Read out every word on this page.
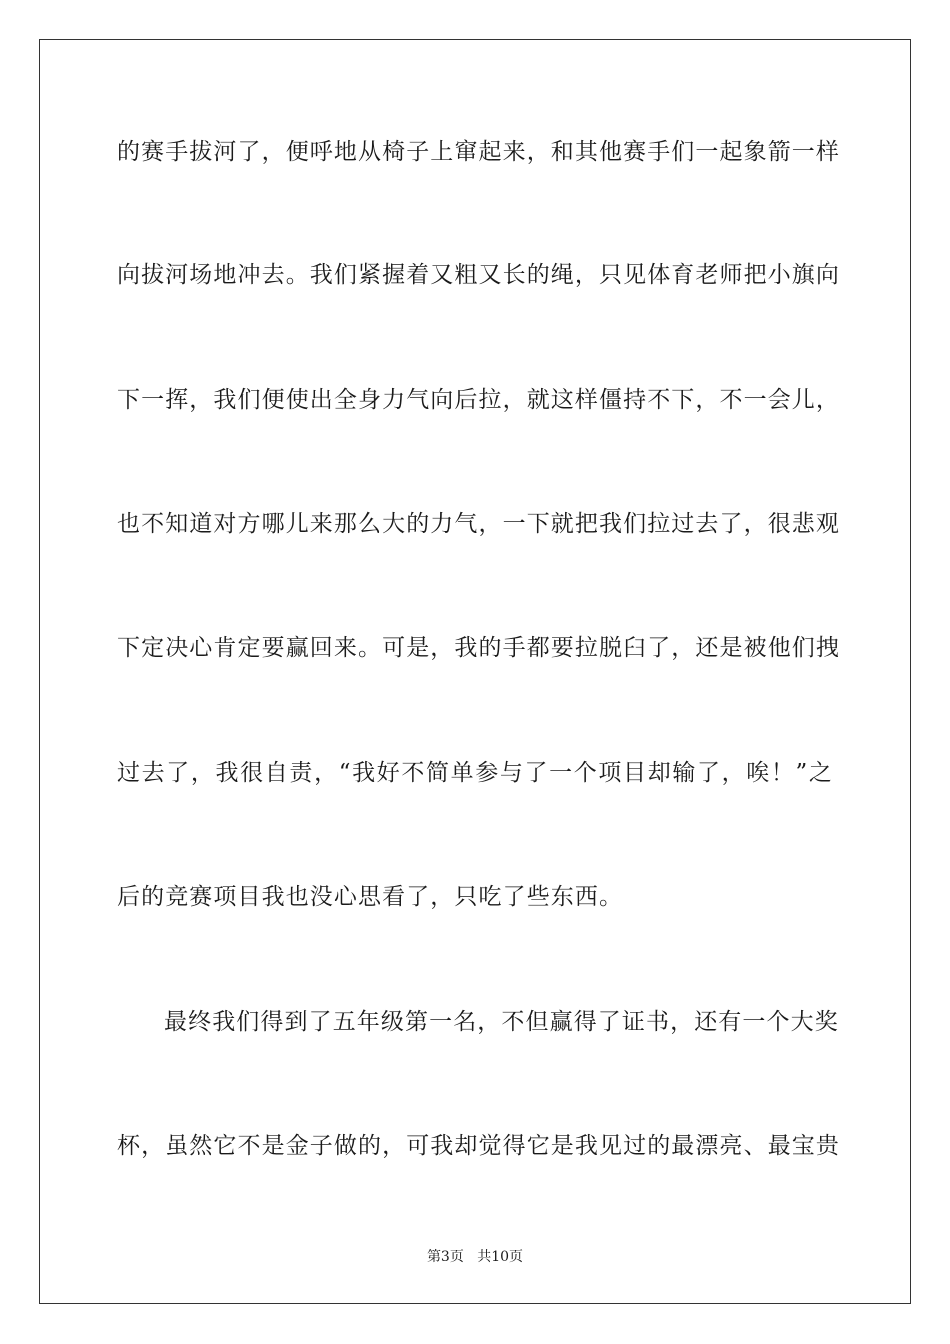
的赛手拔河了，便呼地从椅子上窜起来，和其他赛手们一起象箭一样
向拔河场地冲去。我们紧握着又粗又长的绳，只见体育老师把小旗向
下一挥，我们便使出全身力气向后拉，就这样僵持不下，不一会儿，
也不知道对方哪儿来那么大的力气，一下就把我们拉过去了，很悲观
下定决心肯定要赢回来。可是，我的手都要拉脱臼了，还是被他们拽
过去了，我很自责，“我好不简单参与了一个项目却输了，唉！”之
后的竞赛项目我也没心思看了，只吃了些东西。
最终我们得到了五年级第一名，不但赢得了证书，还有一个大奖
杯，虽然它不是金子做的，可我却觉得它是我见过的最漂亮、最宝贵
第3页 共10页
